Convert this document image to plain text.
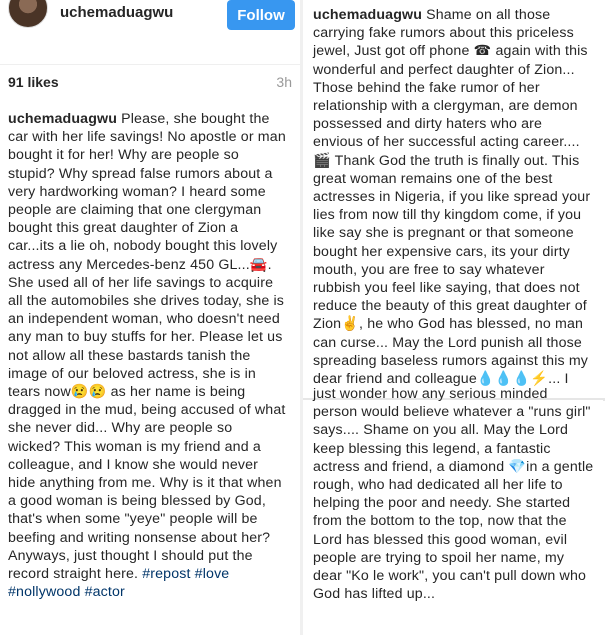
uchemaduagwu	Follow
91 likes	3h
uchemaduagwu Please, she bought the car with her life savings! No apostle or man bought it for her! Why are people so stupid? Why spread false rumors about a very hardworking woman? I heard some people are claiming that one clergyman bought this great daughter of Zion a car...its a lie oh, nobody bought this lovely actress any Mercedes-benz 450 GL...🚘. She used all of her life savings to acquire all the automobiles she drives today, she is an independent woman, who doesn't need any man to buy stuffs for her. Please let us not allow all these bastards tanish the image of our beloved actress, she is in tears now😢😢 as her name is being dragged in the mud, being accused of what she never did... Why are people so wicked? This woman is my friend and a colleague, and I know she would never hide anything from me. Why is it that when a good woman is being blessed by God, that's when some "yeye" people will be beefing and writing nonsense about her? Anyways, just thought I should put the record straight here. #repost #love #nollywood #actor
uchemaduagwu Shame on all those carrying fake rumors about this priceless jewel, Just got off phone ☎ again with this wonderful and perfect daughter of Zion... Those behind the fake rumor of her relationship with a clergyman, are demon possessed and dirty haters who are envious of her successful acting career....🎬 Thank God the truth is finally out. This great woman remains one of the best actresses in Nigeria, if you like spread your lies from now till thy kingdom come, if you like say she is pregnant or that someone bought her expensive cars, its your dirty mouth, you are free to say whatever rubbish you feel like saying, that does not reduce the beauty of this great daughter of Zion✌, he who God has blessed, no man can curse... May the Lord punish all those spreading baseless rumors against this my dear friend and colleague💧💧💧⚡... I
just wonder how any serious minded person would believe whatever a "runs girl" says.... Shame on you all. May the Lord keep blessing this legend, a fantastic actress and friend, a diamond 💎in a gentle rough, who had dedicated all her life to helping the poor and needy. She started from the bottom to the top, now that the Lord has blessed this good woman, evil people are trying to spoil her name, my dear "Ko le work", you can't pull down who God has lifted up...
